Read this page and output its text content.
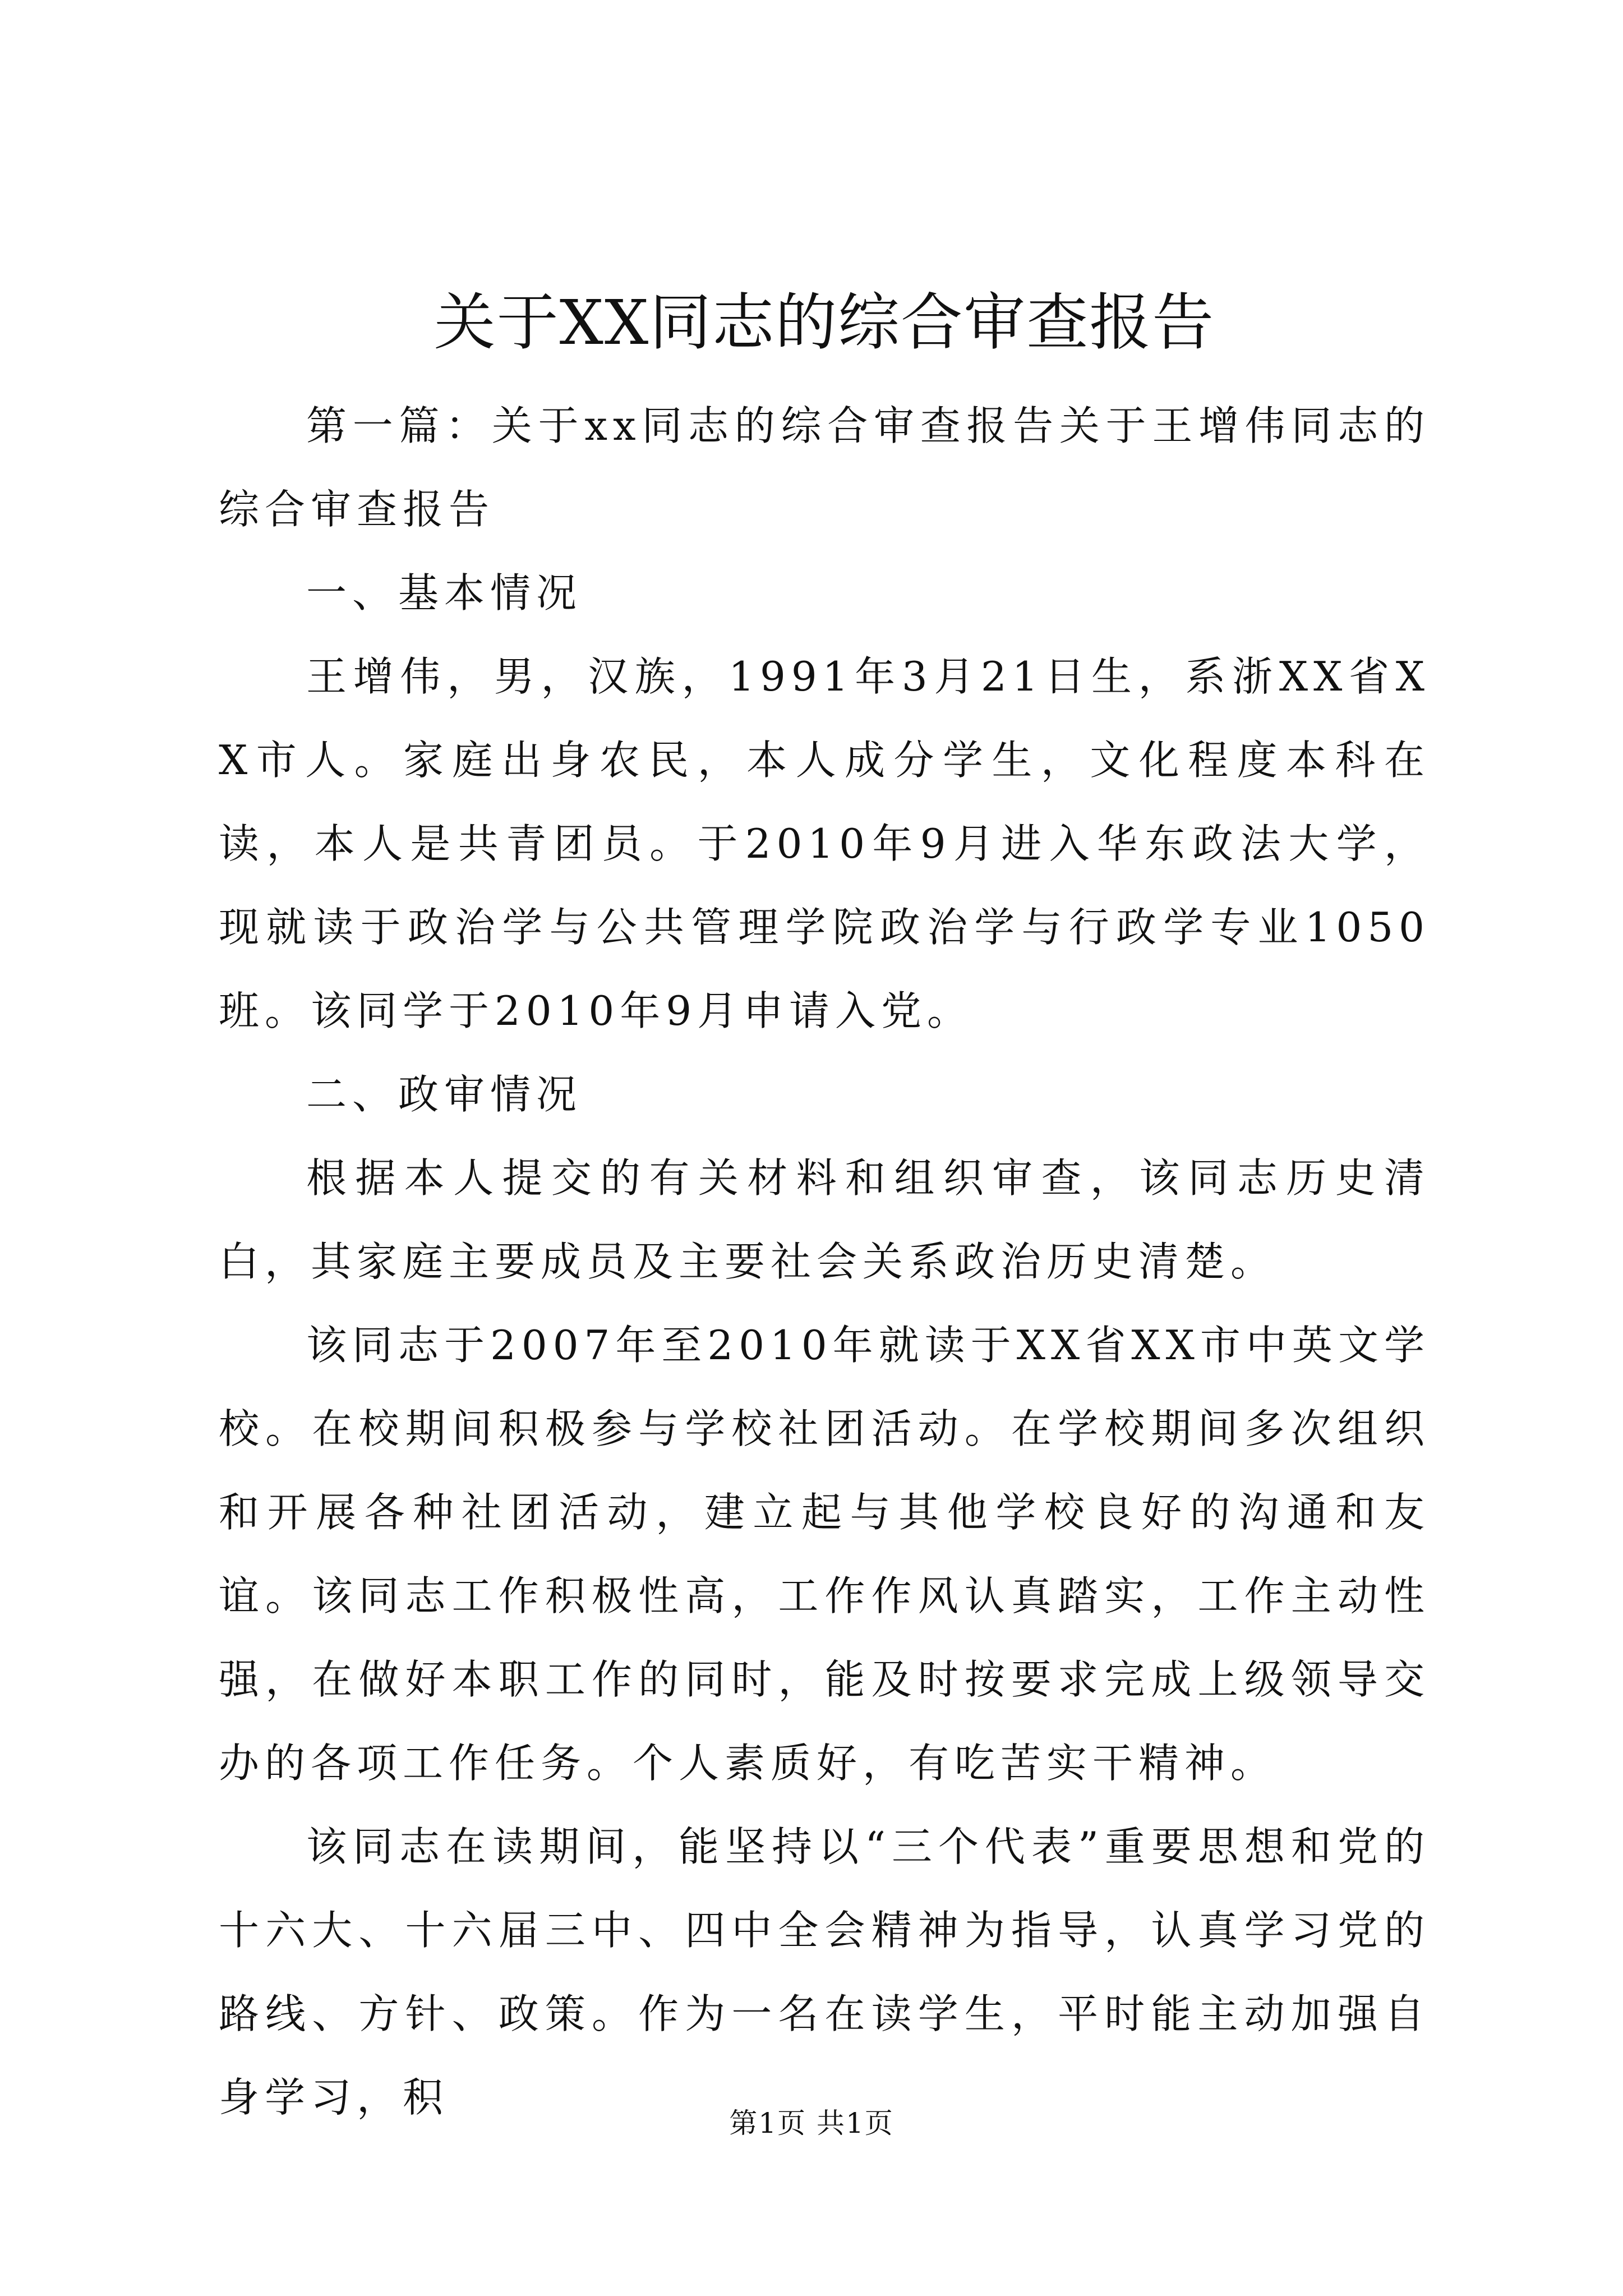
关于XX同志的综合审查报告

第一篇：关于xx同志的综合审查报告关于王增伟同志的综合审查报告

一、基本情况

王增伟，男，汉族，1991年3月21日生，系浙XX省XX市人。家庭出身农民，本人成分学生，文化程度本科在读，本人是共青团员。于2010年9月进入华东政法大学，现就读于政治学与公共管理学院政治学与行政学专业1050班。该同学于2010年9月申请入党。

二、政审情况

根据本人提交的有关材料和组织审查，该同志历史清白，其家庭主要成员及主要社会关系政治历史清楚。

该同志于2007年至2010年就读于XX省XX市中英文学校。在校期间积极参与学校社团活动。在学校期间多次组织和开展各种社团活动，建立起与其他学校良好的沟通和友谊。该同志工作积极性高，工作作风认真踏实，工作主动性强，在做好本职工作的同时，能及时按要求完成上级领导交办的各项工作任务。个人素质好，有吃苦实干精神。

该同志在读期间，能坚持以“三个代表”重要思想和党的十六大、十六届三中、四中全会精神为指导，认真学习党的路线、方针、政策。作为一名在读学生，平时能主动加强自身学习，积

第1页 共1页
